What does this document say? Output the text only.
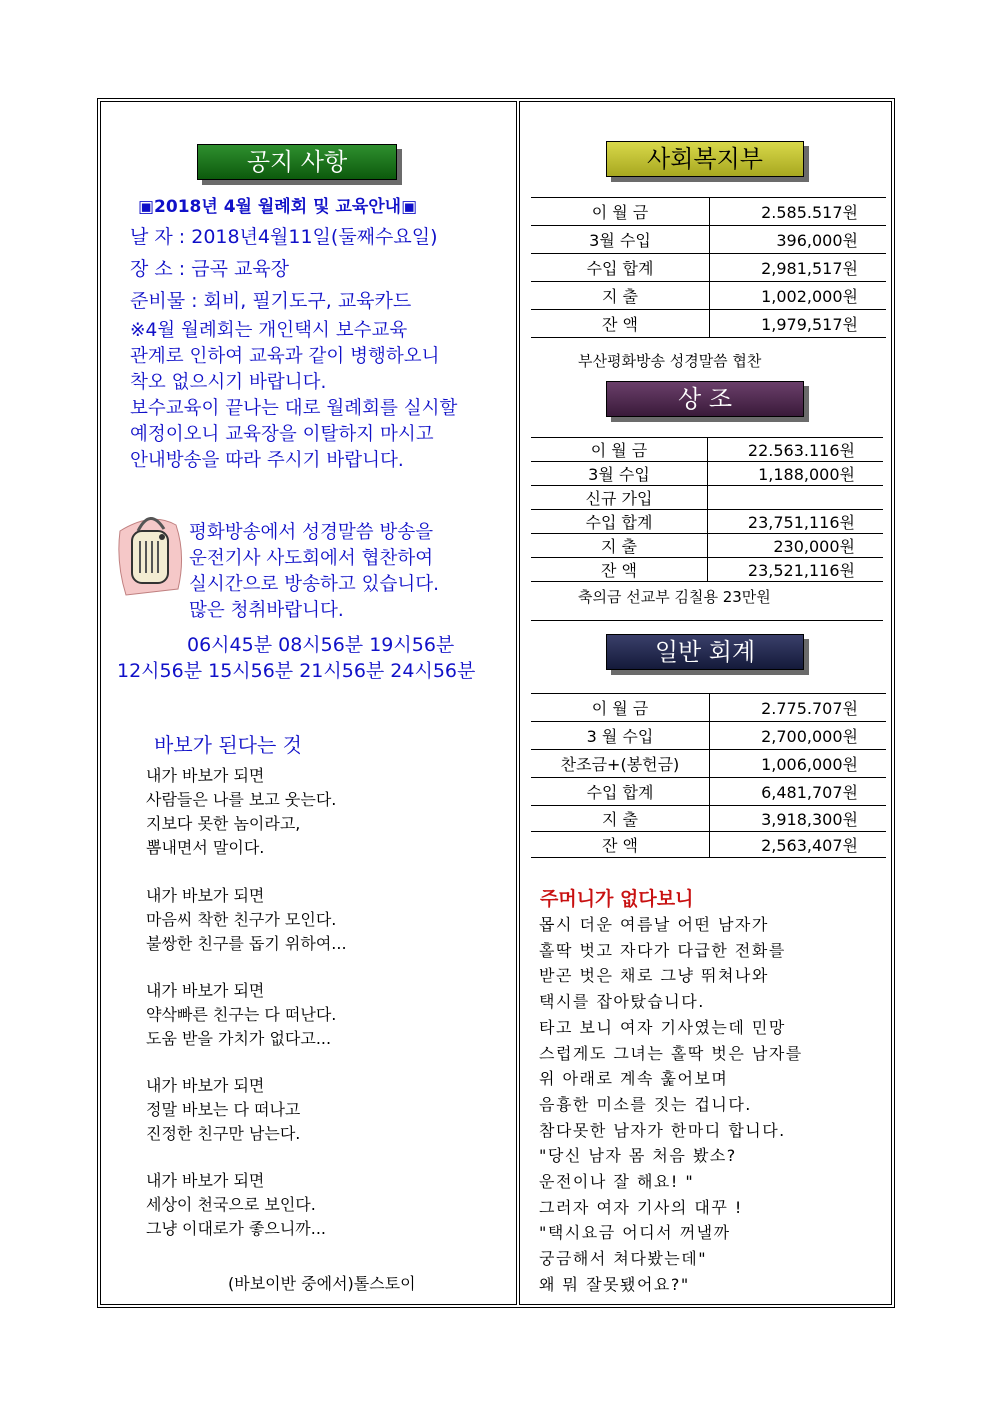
공지 사항
▣2018년 4월 월례회 및 교육안내▣
날 자 : 2018년4월11일(둘째수요일)
장 소 : 금곡 교육장
준비물 : 회비, 필기도구, 교육카드
※4월 월례회는 개인택시 보수교육
관계로 인하여 교육과 같이 병행하오니
착오 없으시기 바랍니다.
보수교육이 끝나는 대로 월례회를 실시할
예정이오니 교육장을 이탈하지 마시고
안내방송을 따라 주시기 바랍니다.
평화방송에서 성경말씀 방송을
운전기사 사도회에서 협찬하여
실시간으로 방송하고 있습니다.
많은 청취바랍니다.
06시45분 08시56분 19시56분
12시56분 15시56분 21시56분 24시56분
바보가 된다는 것
내가 바보가 되면
사람들은 나를 보고 웃는다.
지보다 못한 놈이라고,
뽐내면서 말이다.
내가 바보가 되면
마음씨 착한 친구가 모인다.
불쌍한 친구를 돕기 위하여...
내가 바보가 되면
약삭빠른 친구는 다 떠난다.
도움 받을 가치가 없다고...
내가 바보가 되면
정말 바보는 다 떠나고
진정한 친구만 남는다.
내가 바보가 되면
세상이 천국으로 보인다.
그냥 이대로가 좋으니까...
(바보이반 중에서)톨스토이
사회복지부
이 월 금	2.585.517원
3월 수입	396,000원
수입 합계	2,981,517원
지 출	1,002,000원
잔 액	1,979,517원
부산평화방송 성경말씀 협찬
상 조
이 월 금	22.563.116원
3월 수입	1,188,000원
신규 가입	
수입 합계	23,751,116원
지 출	230,000원
잔 액	23,521,116원
축의금 선교부 김칠용 23만원
일반 회계
이 월 금	2.775.707원
3 월 수입	2,700,000원
찬조금+(봉헌금)	1,006,000원
수입 합계	6,481,707원
지 출	3,918,300원
잔 액	2,563,407원
주머니가 없다보니
몹시 더운 여름날 어떤 남자가
홀딱 벗고 자다가 다급한 전화를
받곤 벗은 채로 그냥 뛰쳐나와
택시를 잡아탔습니다.
타고 보니 여자 기사였는데 민망
스럽게도 그녀는 홀딱 벗은 남자를
위 아래로 계속 훑어보며
음흉한 미소를 짓는 겁니다.
참다못한 남자가 한마디 합니다.
"당신 남자 몸 처음 봤소?
운전이나 잘 해요! "
그러자 여자 기사의 대꾸 !
"택시요금 어디서 꺼낼까
궁금해서 쳐다봤는데"
왜 뭐 잘못됐어요?"
